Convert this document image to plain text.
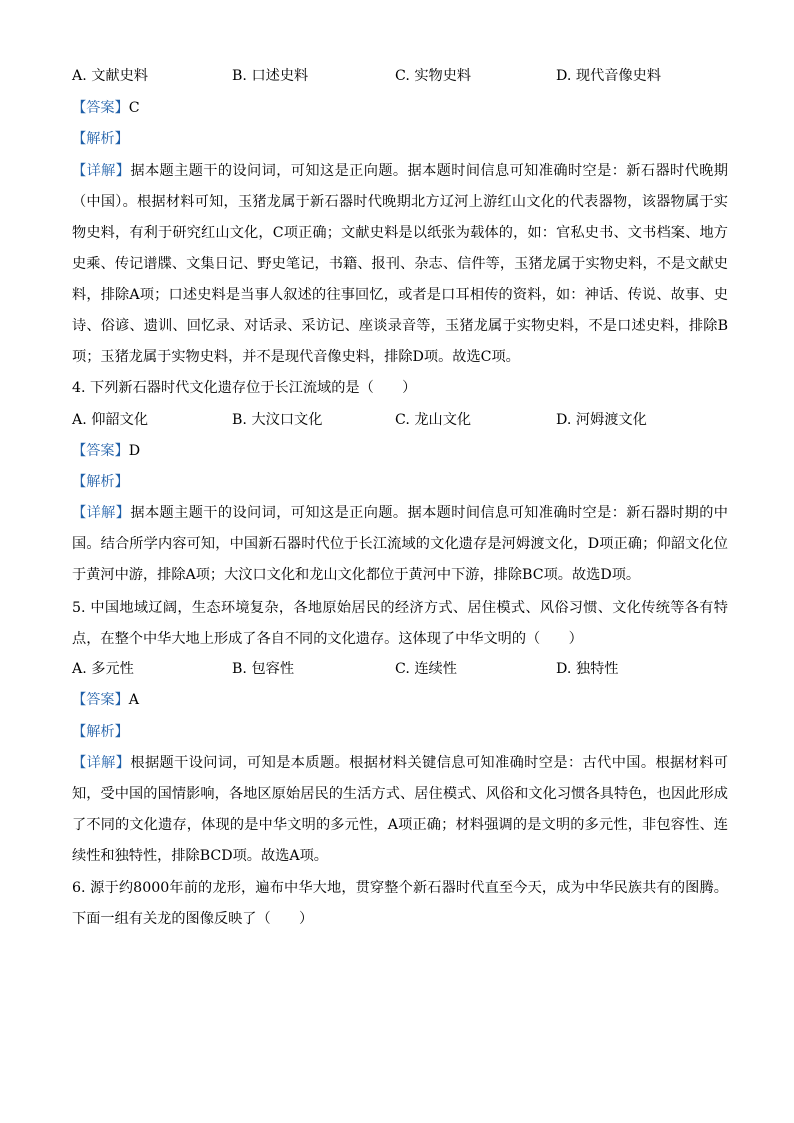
A. 文献史料	B. 口述史料	C. 实物史料	D. 现代音像史料
【答案】C
【解析】
【详解】据本题主题干的设问词，可知这是正向题。据本题时间信息可知准确时空是：新石器时代晚期（中国）。根据材料可知，玉猪龙属于新石器时代晚期北方辽河上游红山文化的代表器物，该器物属于实物史料，有利于研究红山文化，C项正确；文献史料是以纸张为载体的，如：官私史书、文书档案、地方史乘、传记谱牒、文集日记、野史笔记，书籍、报刊、杂志、信件等，玉猪龙属于实物史料，不是文献史料，排除A项；口述史料是当事人叙述的往事回忆，或者是口耳相传的资料，如：神话、传说、故事、史诗、俗谚、遗训、回忆录、对话录、采访记、座谈录音等，玉猪龙属于实物史料，不是口述史料，排除B项；玉猪龙属于实物史料，并不是现代音像史料，排除D项。故选C项。
4. 下列新石器时代文化遗存位于长江流域的是（　　）
A. 仰韶文化	B. 大汶口文化	C. 龙山文化	D. 河姆渡文化
【答案】D
【解析】
【详解】据本题主题干的设问词，可知这是正向题。据本题时间信息可知准确时空是：新石器时期的中国。结合所学内容可知，中国新石器时代位于长江流域的文化遗存是河姆渡文化，D项正确；仰韶文化位于黄河中游，排除A项；大汶口文化和龙山文化都位于黄河中下游，排除BC项。故选D项。
5. 中国地域辽阔，生态环境复杂，各地原始居民的经济方式、居住模式、风俗习惯、文化传统等各有特点，在整个中华大地上形成了各自不同的文化遗存。这体现了中华文明的（　　）
A. 多元性	B. 包容性	C. 连续性	D. 独特性
【答案】A
【解析】
【详解】根据题干设问词，可知是本质题。根据材料关键信息可知准确时空是：古代中国。根据材料可知，受中国的国情影响，各地区原始居民的生活方式、居住模式、风俗和文化习惯各具特色，也因此形成了不同的文化遗存，体现的是中华文明的多元性，A项正确；材料强调的是文明的多元性，非包容性、连续性和独特性，排除BCD项。故选A项。
6. 源于约8000年前的龙形，遍布中华大地，贯穿整个新石器时代直至今天，成为中华民族共有的图腾。下面一组有关龙的图像反映了（　　）
